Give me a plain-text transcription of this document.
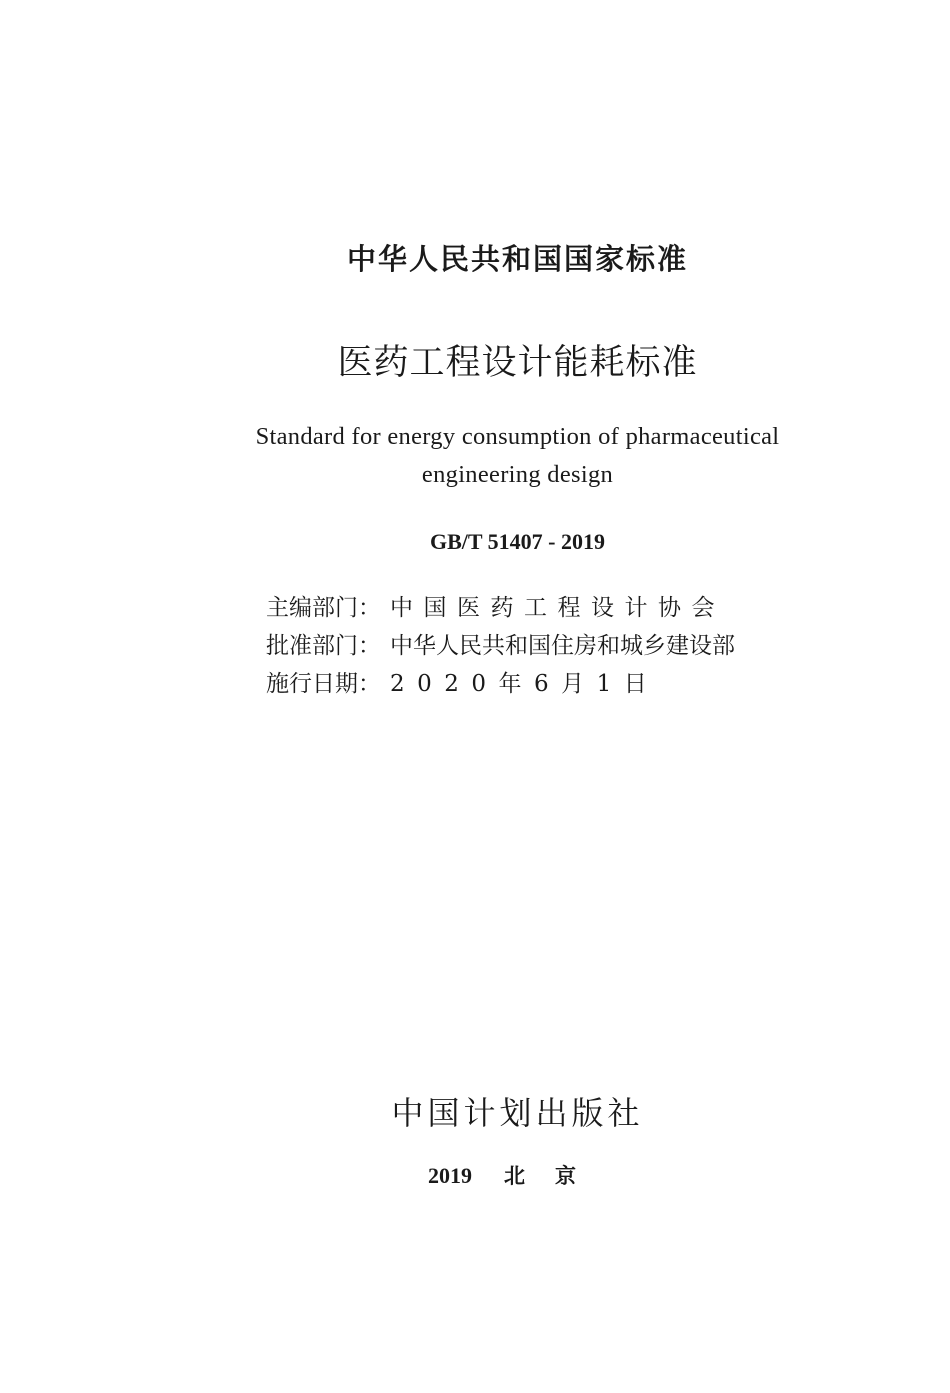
中华人民共和国国家标准
医药工程设计能耗标准
Standard for energy consumption of pharmaceutical
engineering design
GB/T 51407 - 2019
主编部门： 中国医药工程设计协会
批准部门： 中华人民共和国住房和城乡建设部
施行日期： 2020年6月1日
中国计划出版社
2019 北京
